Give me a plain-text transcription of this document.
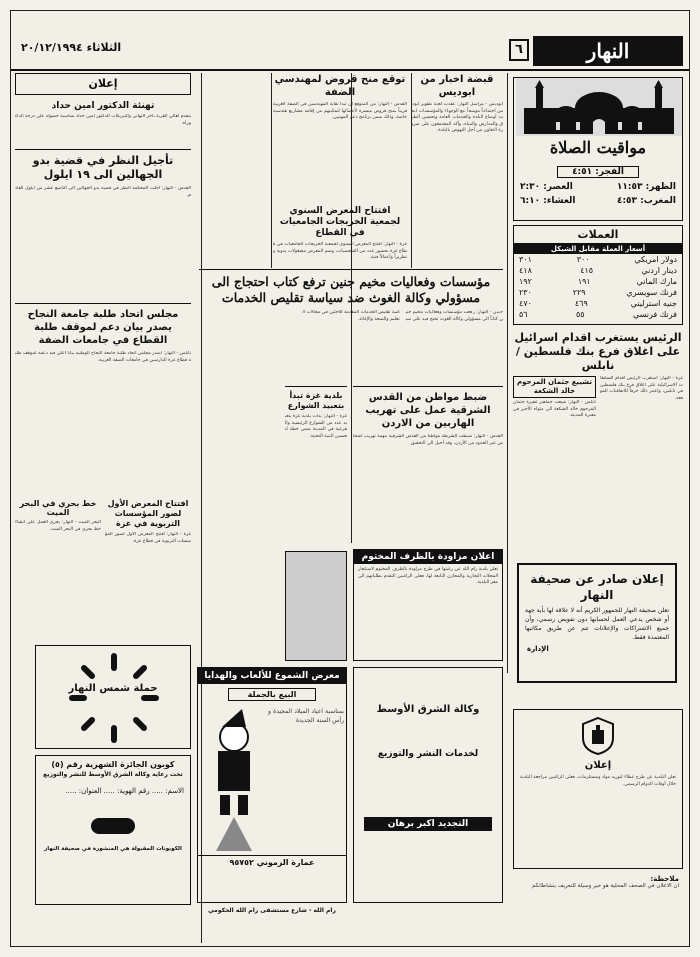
النهار
٦
الثلاثاء ٢٠/١٢/١٩٩٤
مواقيت الصلاة
الفجر: ٤:٥١
الظهر: ١١:٥٣
العصر: ٢:٣٠
المغرب: ٤:٥٣
العشاء: ٦:١٠
العملات
أسعار العملة مقابل الشيكل
دولار امريكي
٣٠٠
٣٠١
دينار اردني
٤١٥
٤١٨
مارك الماني
١٩١
١٩٢
فرنك سويسري
٢٢٩
٢٣٠
جنيه استرليني
٤٦٩
٤٧٠
فرنك فرنسي
٥٥
٥٦
الرئيس يستغرب اقدام اسرائيل على اغلاق فرع بنك فلسطين / نابلس
غزة - النهار: استغرب الرئيس اقدام السلطات الاسرائيلية على اغلاق فرع بنك فلسطين في نابلس، واعتبر ذلك خرقاً للاتفاقيات الموقعة.
تشييع جثمان المرحوم خالد الشكعة
نابلس - النهار: شيعت جماهير غفيرة جثمان المرحوم خالد الشكعة الى مثواه الأخير في مقبرة المدينة.
إعلان صادر عن صحيفة النهار
تعلن صحيفة النهار للجمهور الكريم أنه لا علاقة لها بأية جهة أو شخص يدعي العمل لحسابها دون تفويض رسمي، وأن جميع الاشتراكات والإعلانات تتم عن طريق مكاتبها المعتمدة فقط.
الإدارة
إعلان
تعلن البلدية عن طرح عطاء لتوريد مواد ومستلزمات، فعلى الراغبين مراجعة البلدية خلال أوقات الدوام الرسمي.
ملاحظة:
ان الاعلان في الصحف المحلية هو خير وسيلة للتعريف بنشاطاتكم
قبضة اخبار من ابوديس
ابوديس - مراسل النهار: عقدت لجنة تطوير ابوديس اجتماعاً موسعاً مع الوجهاء والمؤسسات لبحث أوضاع البلدة والخدمات العامة وتحسين الطرق والمدارس والمياه، وأكد المجتمعون على ضرورة التعاون من أجل النهوض بالبلدة.
توقع منح قروض لمهندسي الضفة
القدس - النهار: من المتوقع ان تبدأ نقابة المهندسين في الضفة الغربية قريباً بمنح قروض ميسرة لأعضائها لتمكينهم من إقامة مشاريع هندسية خاصة، وذلك ضمن برنامج دعم المهنيين.
افتتاح المعرض السنوي لجمعية الخريجات الجامعيات في القطاع
غزة - النهار: افتتح المعرض السنوي لجمعية الخريجات الجامعيات في قطاع غزة بحضور عدد من الشخصيات، وضم المعرض مشغولات يدوية وتطريزاً وأعمالاً فنية.
مؤسسات وفعاليات مخيم جنين ترفع كتاب احتجاج الى مسؤولي وكالة الغوث ضد سياسة تقليص الخدمات
جنين - النهار: رفعت مؤسسات وفعاليات مخيم جنين كتاباً الى مسؤولي وكالة الغوث تحتج فيه على سياسة تقليص الخدمات المقدمة للاجئين في مجالات التعليم والصحة والإغاثة.
ضبط مواطن من القدس الشرقية عمل على تهريب الهاربين من الاردن
القدس - النهار: ضبطت الشرطة مواطناً من القدس الشرقية بتهمة تهريب أشخاص عبر الحدود من الأردن، وقد أحيل الى التحقيق.
بلدية غزة تبدأ بتعبيد الشوارع
غزة - النهار: بدأت بلدية غزة بتعبيد عدد من الشوارع الرئيسية والفرعية في المدينة ضمن خطة لتحسين البنية التحتية.
اعلان مزاودة بالظرف المختوم
تعلن بلدية رام الله عن رغبتها في طرح مزاودة بالظرف المختوم لاستئجار المحلات التجارية والمخازن التابعة لها، فعلى الراغبين التقدم بطلباتهم الى مقر البلدية.
وكالة الشرق الأوسط
لخدمات النشر والتوزيع
التجديد اكبر برهان
معرض الشموع للألعاب والهدايا
البيع بالجملة
بمناسبة اعياد الميلاد المجيدة ورأس السنة الجديدة
عمارة الرموني ٩٥٧٥٢
رام الله - شارع مستشفى رام الله الحكومي
إعلان
تهنئة الدكتور امين حداد
يتقدم أهالي القرية بأحر التهاني والتبريكات للدكتور امين حداد بمناسبة حصوله على درجة الدكتوراه.
تأجيل النظر في قضية بدو الجهالين الى ١٩ ايلول
القدس - النهار: أجلت المحكمة النظر في قضية بدو الجهالين الى التاسع عشر من ايلول القادم.
مجلس اتحاد طلبة جامعة النجاح يصدر بيان دعم لموقف طلبة القطاع في جامعات الضفة
نابلس - النهار: أصدر مجلس اتحاد طلبة جامعة النجاح الوطنية بياناً أعلن فيه دعمه لموقف طلبة قطاع غزة الدارسين في جامعات الضفة الغربية.
خط بحري في البحر الميت
البحر الميت - النهار: يجري العمل على انشاء خط بحري في البحر الميت.
افتتاح المعرض الأول لصور المؤسسات التربوية في غزة
غزة - النهار: افتتح المعرض الأول لصور المؤسسات التربوية في قطاع غزة.
حملة شمس النهار
كوبون الجائزة الشهرية رقم (٥)
تحت رعاية وكالة الشرق الأوسط للنشر والتوزيع
الاسم: ..... رقم الهوية: ..... العنوان: .....
الكوبونات المقبولة هي المنشورة في صحيفة النهار
